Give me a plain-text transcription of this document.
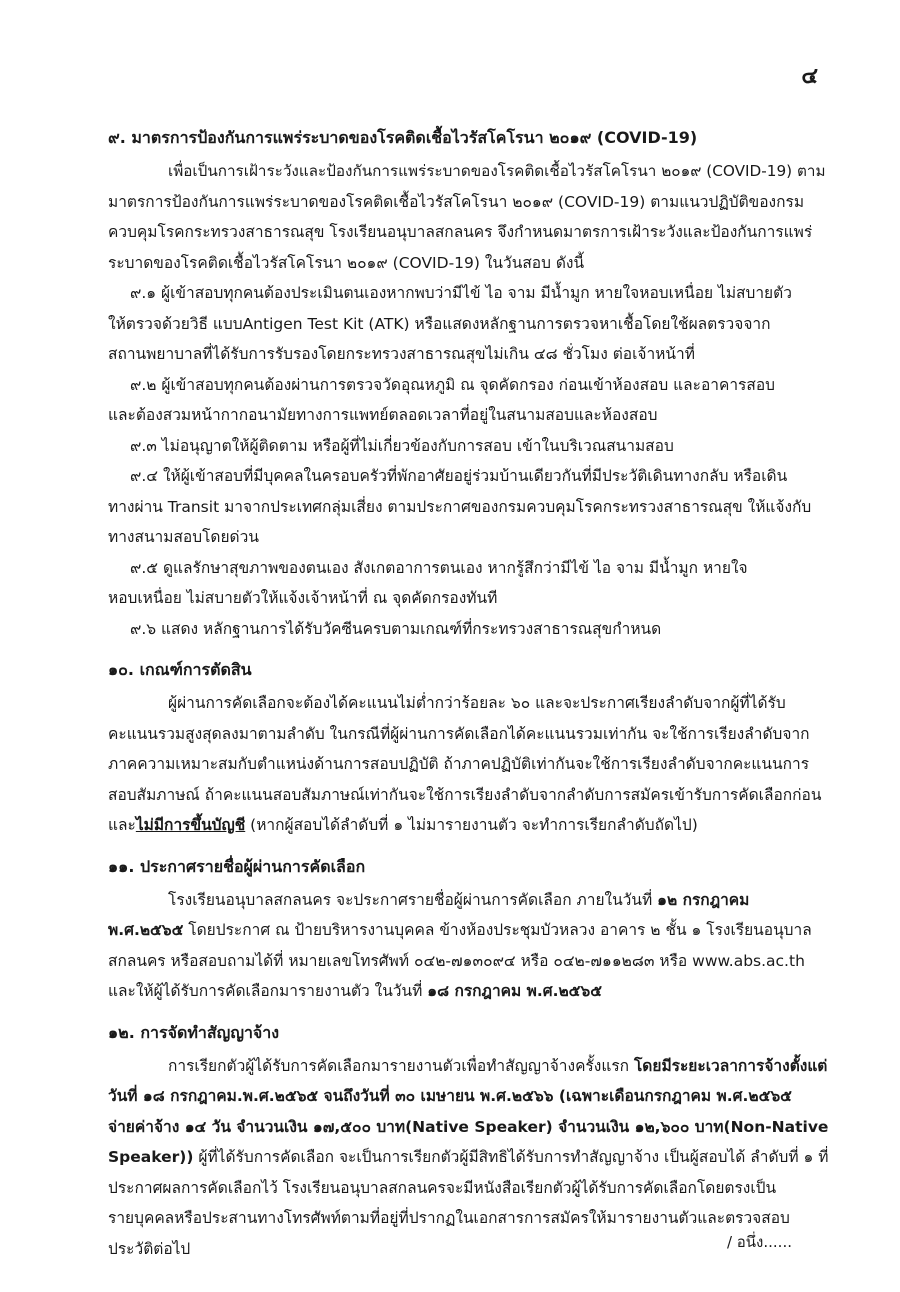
๔

๙. มาตรการป้องกันการแพร่ระบาดของโรคติดเชื้อไวรัสโคโรนา ๒๐๑๙ (COVID-19)

เพื่อเป็นการเฝ้าระวังและป้องกันการแพร่ระบาดของโรคติดเชื้อไวรัสโคโรนา ๒๐๑๙ (COVID-19) ตาม

มาตรการป้องกันการแพร่ระบาดของโรคติดเชื้อไวรัสโคโรนา ๒๐๑๙ (COVID-19) ตามแนวปฏิบัติของกรม

ควบคุมโรคกระทรวงสาธารณสุข โรงเรียนอนุบาลสกลนคร จึงกำหนดมาตรการเฝ้าระวังและป้องกันการแพร่

ระบาดของโรคติดเชื้อไวรัสโคโรนา ๒๐๑๙ (COVID-19) ในวันสอบ ดังนี้

๙.๑ ผู้เข้าสอบทุกคนต้องประเมินตนเองหากพบว่ามีไข้ ไอ จาม มีน้ำมูก หายใจหอบเหนื่อย ไม่สบายตัว

ให้ตรวจด้วยวิธี แบบAntigen Test Kit (ATK) หรือแสดงหลักฐานการตรวจหาเชื้อโดยใช้ผลตรวจจาก

สถานพยาบาลที่ได้รับการรับรองโดยกระทรวงสาธารณสุขไม่เกิน ๔๘ ชั่วโมง ต่อเจ้าหน้าที่

๙.๒ ผู้เข้าสอบทุกคนต้องผ่านการตรวจวัดอุณหภูมิ ณ จุดคัดกรอง ก่อนเข้าห้องสอบ และอาคารสอบ

และต้องสวมหน้ากากอนามัยทางการแพทย์ตลอดเวลาที่อยู่ในสนามสอบและห้องสอบ

๙.๓ ไม่อนุญาตให้ผู้ติดตาม หรือผู้ที่ไม่เกี่ยวข้องกับการสอบ เข้าในบริเวณสนามสอบ

๙.๔ ให้ผู้เข้าสอบที่มีบุคคลในครอบครัวที่พักอาศัยอยู่ร่วมบ้านเดียวกันที่มีประวัติเดินทางกลับ หรือเดิน

ทางผ่าน Transit มาจากประเทศกลุ่มเสี่ยง ตามประกาศของกรมควบคุมโรคกระทรวงสาธารณสุข ให้แจ้งกับ

ทางสนามสอบโดยด่วน

๙.๕ ดูแลรักษาสุขภาพของตนเอง สังเกตอาการตนเอง หากรู้สึกว่ามีไข้ ไอ จาม มีน้ำมูก หายใจ

หอบเหนื่อย ไม่สบายตัวให้แจ้งเจ้าหน้าที่ ณ จุดคัดกรองทันที

๙.๖ แสดง หลักฐานการได้รับวัคซีนครบตามเกณฑ์ที่กระทรวงสาธารณสุขกำหนด

๑๐. เกณฑ์การตัดสิน

ผู้ผ่านการคัดเลือกจะต้องได้คะแนนไม่ต่ำกว่าร้อยละ ๖๐ และจะประกาศเรียงลำดับจากผู้ที่ได้รับ

คะแนนรวมสูงสุดลงมาตามลำดับ ในกรณีที่ผู้ผ่านการคัดเลือกได้คะแนนรวมเท่ากัน จะใช้การเรียงลำดับจาก

ภาคความเหมาะสมกับตำแหน่งด้านการสอบปฏิบัติ ถ้าภาคปฏิบัติเท่ากันจะใช้การเรียงลำดับจากคะแนนการ

สอบสัมภาษณ์ ถ้าคะแนนสอบสัมภาษณ์เท่ากันจะใช้การเรียงลำดับจากลำดับการสมัครเข้ารับการคัดเลือกก่อน

และไม่มีการขึ้นบัญชี (หากผู้สอบได้ลำดับที่ ๑ ไม่มารายงานตัว จะทำการเรียกลำดับถัดไป)

๑๑. ประกาศรายชื่อผู้ผ่านการคัดเลือก

โรงเรียนอนุบาลสกลนคร จะประกาศรายชื่อผู้ผ่านการคัดเลือก ภายในวันที่ ๑๒ กรกฎาคม

พ.ศ.๒๕๖๕ โดยประกาศ ณ ป้ายบริหารงานบุคคล ข้างห้องประชุมบัวหลวง อาคาร ๒ ชั้น ๑ โรงเรียนอนุบาล

สกลนคร หรือสอบถามได้ที่ หมายเลขโทรศัพท์ ๐๔๒-๗๑๓๐๙๔ หรือ ๐๔๒-๗๑๑๒๘๓ หรือ www.abs.ac.th

และให้ผู้ได้รับการคัดเลือกมารายงานตัว ในวันที่ ๑๘ กรกฎาคม พ.ศ.๒๕๖๕

๑๒. การจัดทำสัญญาจ้าง

การเรียกตัวผู้ได้รับการคัดเลือกมารายงานตัวเพื่อทำสัญญาจ้างครั้งแรก โดยมีระยะเวลาการจ้างตั้งแต่

วันที่ ๑๘ กรกฎาคม.พ.ศ.๒๕๖๕ จนถึงวันที่ ๓๐ เมษายน พ.ศ.๒๕๖๖ (เฉพาะเดือนกรกฎาคม พ.ศ.๒๕๖๕

จ่ายค่าจ้าง ๑๔ วัน จำนวนเงิน ๑๗,๕๐๐ บาท(Native Speaker) จำนวนเงิน ๑๒,๖๐๐ บาท(Non-Native

Speaker)) ผู้ที่ได้รับการคัดเลือก จะเป็นการเรียกตัวผู้มีสิทธิได้รับการทำสัญญาจ้าง เป็นผู้สอบได้ ลำดับที่ ๑ ที่

ประกาศผลการคัดเลือกไว้ โรงเรียนอนุบาลสกลนครจะมีหนังสือเรียกตัวผู้ได้รับการคัดเลือกโดยตรงเป็น

รายบุคคลหรือประสานทางโทรศัพท์ตามที่อยู่ที่ปรากฏในเอกสารการสมัครให้มารายงานตัวและตรวจสอบ

ประวัติต่อไป	/ อนึ่ง......
